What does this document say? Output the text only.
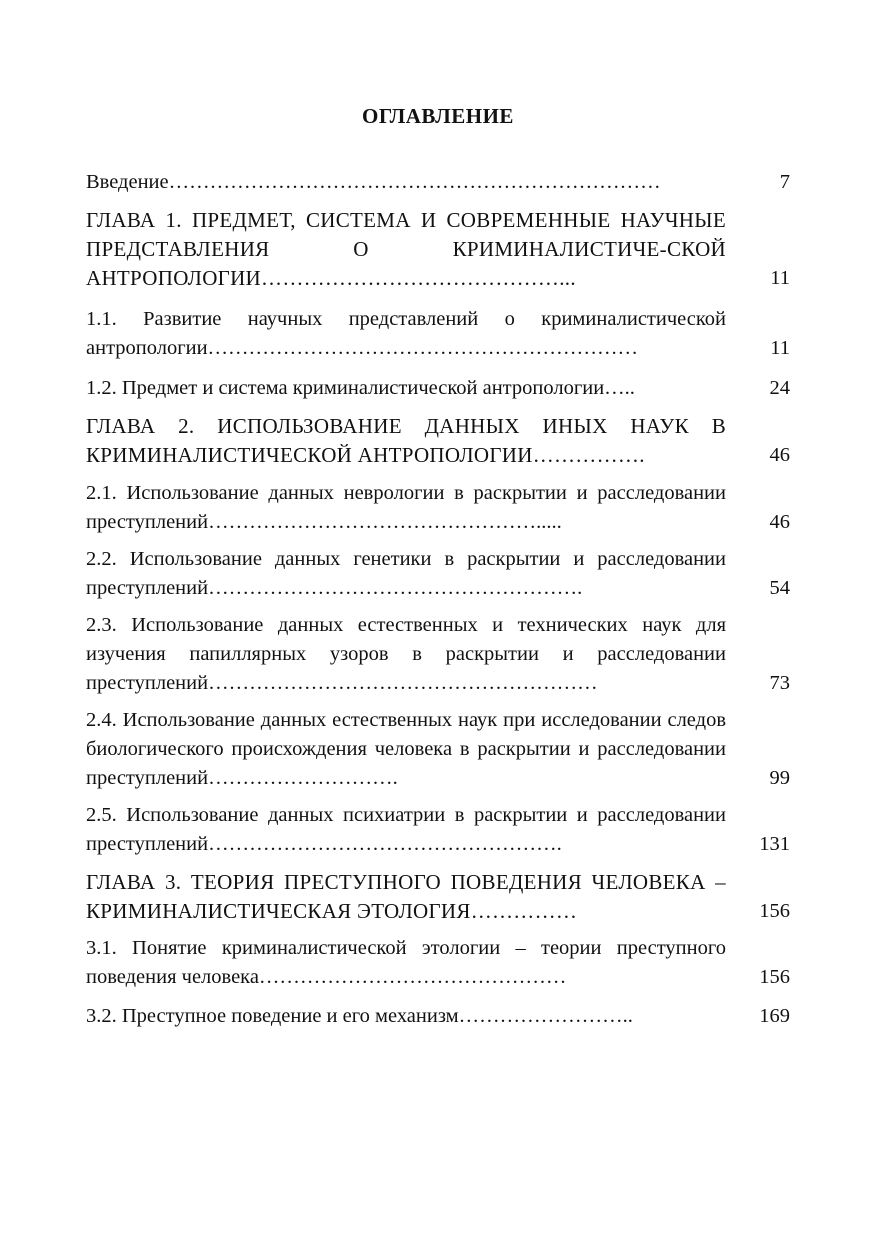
ОГЛАВЛЕНИЕ
Введение………………………………………………………………	7
ГЛАВА 1. ПРЕДМЕТ, СИСТЕМА И СОВРЕМЕННЫЕ НАУЧНЫЕ ПРЕДСТАВЛЕНИЯ О КРИМИНАЛИСТИЧЕ-СКОЙ АНТРОПОЛОГИИ……………………………………...	11
1.1. Развитие научных представлений о криминалистической антропологии………………………………………………………	11
1.2. Предмет и система криминалистической антропологии…..	24
ГЛАВА 2. ИСПОЛЬЗОВАНИЕ ДАННЫХ ИНЫХ НАУК В КРИМИНАЛИСТИЧЕСКОЙ АНТРОПОЛОГИИ…………….	46
2.1. Использование данных неврологии в раскрытии и расследовании преступлений………………………………………….....	46
2.2. Использование данных генетики в раскрытии и расследовании преступлений……………………………………………….	54
2.3. Использование данных естественных и технических наук для изучения папиллярных узоров в раскрытии и расследовании преступлений…………………………………………………	73
2.4. Использование данных естественных наук при исследовании следов биологического происхождения человека в раскрытии и расследовании преступлений……………………….	99
2.5. Использование данных психиатрии в раскрытии и расследовании преступлений…………………………………………….	131
ГЛАВА 3. ТЕОРИЯ ПРЕСТУПНОГО ПОВЕДЕНИЯ ЧЕЛОВЕКА – КРИМИНАЛИСТИЧЕСКАЯ ЭТОЛОГИЯ……………	156
3.1. Понятие криминалистической этологии – теории преступного поведения человека………………………………………	156
3.2. Преступное поведение и его механизм……………………..	169
